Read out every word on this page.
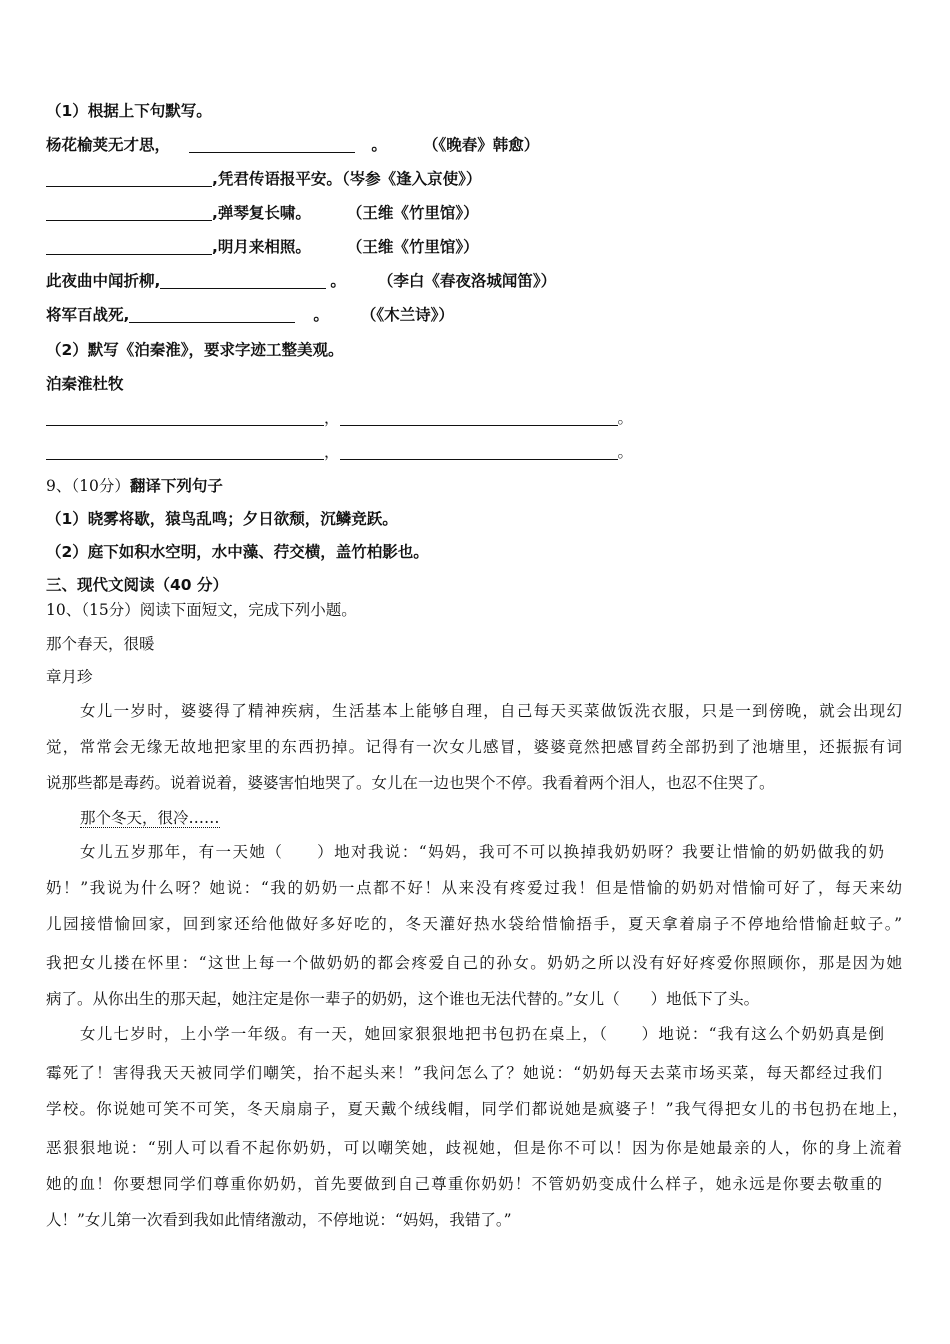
（1）根据上下句默写。
杨花榆荚无才思，	。 （《晚春》韩愈）
,凭君传语报平安。（岑参《逢入京使》）
,弹琴复长啸。 （王维《竹里馆》）
,明月来相照。 （王维《竹里馆》）
此夜曲中闻折柳,	。 （李白《春夜洛城闻笛》）
将军百战死,	。 （《木兰诗》）
（2）默写《泊秦淮》，要求字迹工整美观。
泊秦淮杜牧
，	。
，	。
9、（10分）翻译下列句子
（1）晓雾将歇，猿鸟乱鸣；夕日欲颓，沉鳞竞跃。
（2）庭下如积水空明，水中藻、荇交横，盖竹柏影也。
三、现代文阅读（40 分）
10、（15分）阅读下面短文，完成下列小题。
那个春天，很暖
章月珍
女儿一岁时，婆婆得了精神疾病，生活基本上能够自理，自己每天买菜做饭洗衣服，只是一到傍晚，就会出现幻
觉，常常会无缘无故地把家里的东西扔掉。记得有一次女儿感冒，婆婆竟然把感冒药全部扔到了池塘里，还振振有词
说那些都是毒药。说着说着，婆婆害怕地哭了。女儿在一边也哭个不停。我看着两个泪人，也忍不住哭了。
那个冬天，很冷……
女儿五岁那年，有一天她（　　）地对我说：“妈妈，我可不可以换掉我奶奶呀？我要让惜愉的奶奶做我的奶
奶！”我说为什么呀？她说：“我的奶奶一点都不好！从来没有疼爱过我！但是惜愉的奶奶对惜愉可好了，每天来幼
儿园接惜愉回家，回到家还给他做好多好吃的，冬天灌好热水袋给惜愉捂手，夏天拿着扇子不停地给惜愉赶蚊子。”
我把女儿搂在怀里：“这世上每一个做奶奶的都会疼爱自己的孙女。奶奶之所以没有好好疼爱你照顾你，那是因为她
病了。从你出生的那天起，她注定是你一辈子的奶奶，这个谁也无法代替的。”女儿（　　）地低下了头。
女儿七岁时，上小学一年级。有一天，她回家狠狠地把书包扔在桌上，（　　）地说：“我有这么个奶奶真是倒
霉死了！害得我天天被同学们嘲笑，抬不起头来！”我问怎么了？她说：“奶奶每天去菜市场买菜，每天都经过我们
学校。你说她可笑不可笑，冬天扇扇子，夏天戴个绒线帽，同学们都说她是疯婆子！”我气得把女儿的书包扔在地上，
恶狠狠地说：“别人可以看不起你奶奶，可以嘲笑她，歧视她，但是你不可以！因为你是她最亲的人，你的身上流着
她的血！你要想同学们尊重你奶奶，首先要做到自己尊重你奶奶！不管奶奶变成什么样子，她永远是你要去敬重的
人！”女儿第一次看到我如此情绪激动，不停地说：“妈妈，我错了。”
